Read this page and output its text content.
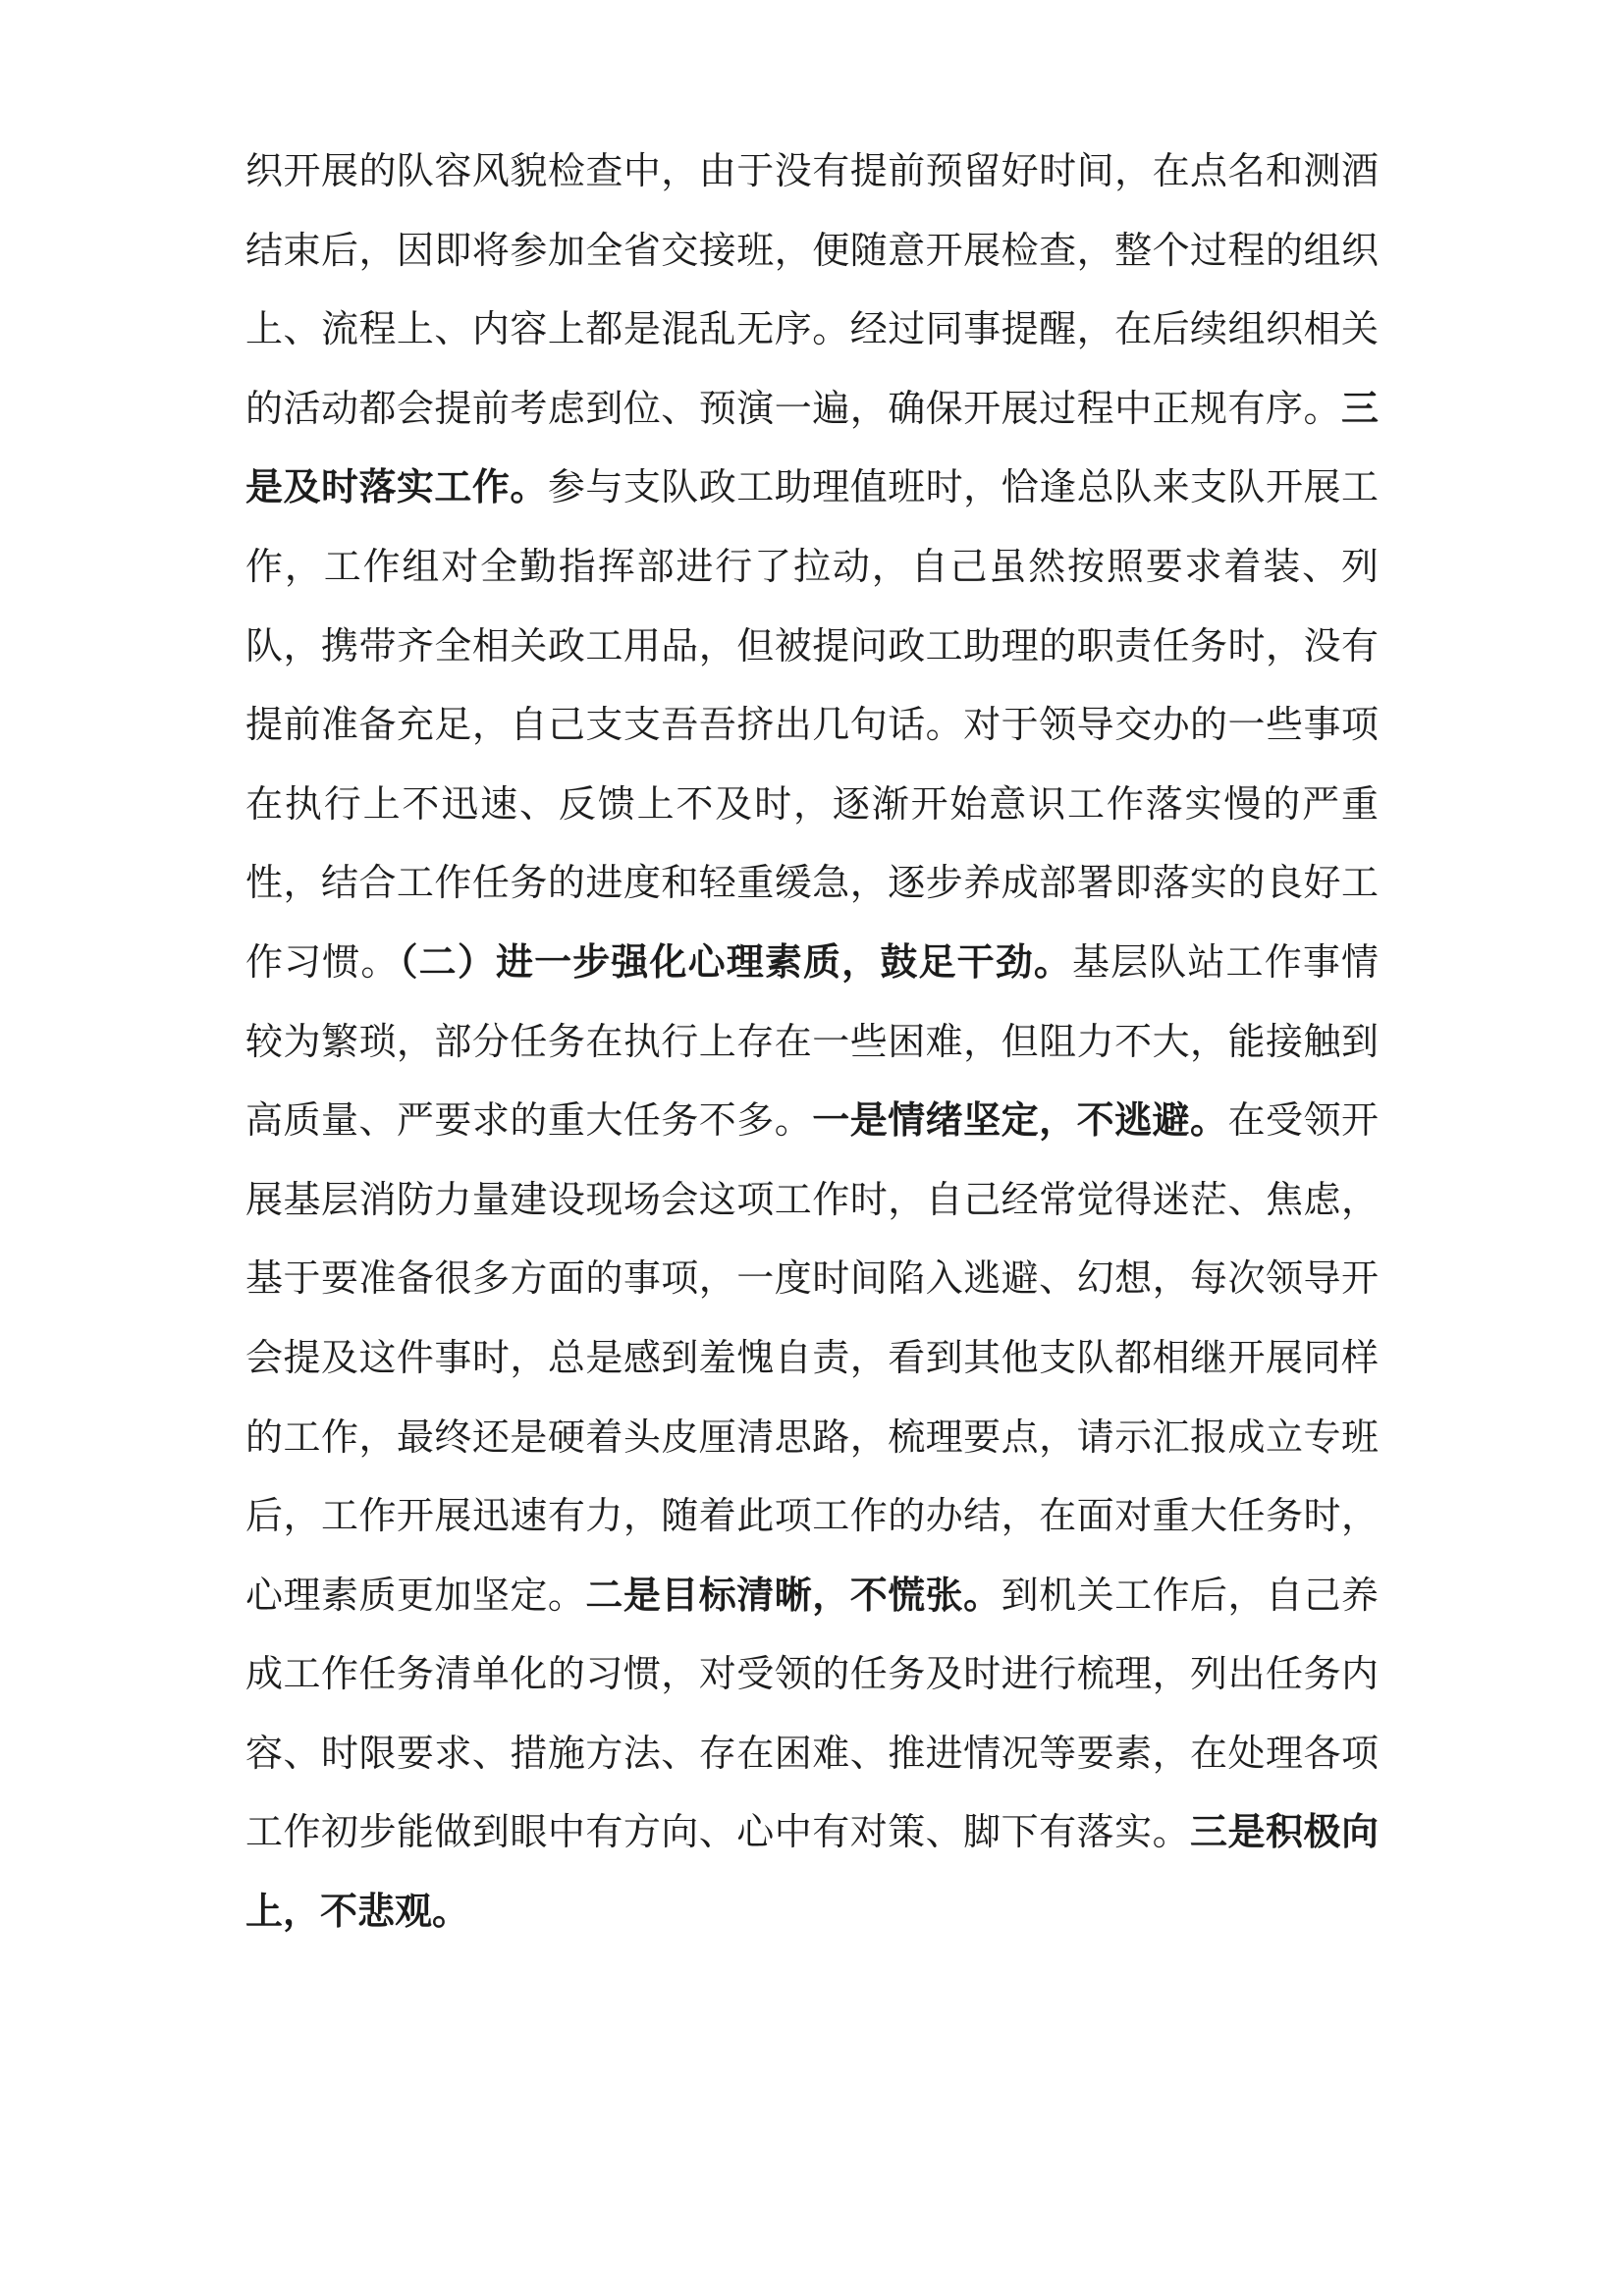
织开展的队容风貌检查中，由于没有提前预留好时间，在点名和测酒结束后，因即将参加全省交接班，便随意开展检查，整个过程的组织上、流程上、内容上都是混乱无序。经过同事提醒，在后续组织相关的活动都会提前考虑到位、预演一遍，确保开展过程中正规有序。三是及时落实工作。参与支队政工助理值班时，恰逢总队来支队开展工作，工作组对全勤指挥部进行了拉动，自己虽然按照要求着装、列队，携带齐全相关政工用品，但被提问政工助理的职责任务时，没有提前准备充足，自己支支吾吾挤出几句话。对于领导交办的一些事项在执行上不迅速、反馈上不及时，逐渐开始意识工作落实慢的严重性，结合工作任务的进度和轻重缓急，逐步养成部署即落实的良好工作习惯。（二）进一步强化心理素质，鼓足干劲。基层队站工作事情较为繁琐，部分任务在执行上存在一些困难，但阻力不大，能接触到高质量、严要求的重大任务不多。一是情绪坚定，不逃避。在受领开展基层消防力量建设现场会这项工作时，自己经常觉得迷茫、焦虑，基于要准备很多方面的事项，一度时间陷入逃避、幻想，每次领导开会提及这件事时，总是感到羞愧自责，看到其他支队都相继开展同样的工作，最终还是硬着头皮厘清思路，梳理要点，请示汇报成立专班后，工作开展迅速有力，随着此项工作的办结，在面对重大任务时，心理素质更加坚定。二是目标清晰，不慌张。到机关工作后，自己养成工作任务清单化的习惯，对受领的任务及时进行梳理，列出任务内容、时限要求、措施方法、存在困难、推进情况等要素，在处理各项工作初步能做到眼中有方向、心中有对策、脚下有落实。三是积极向上，不悲观。
